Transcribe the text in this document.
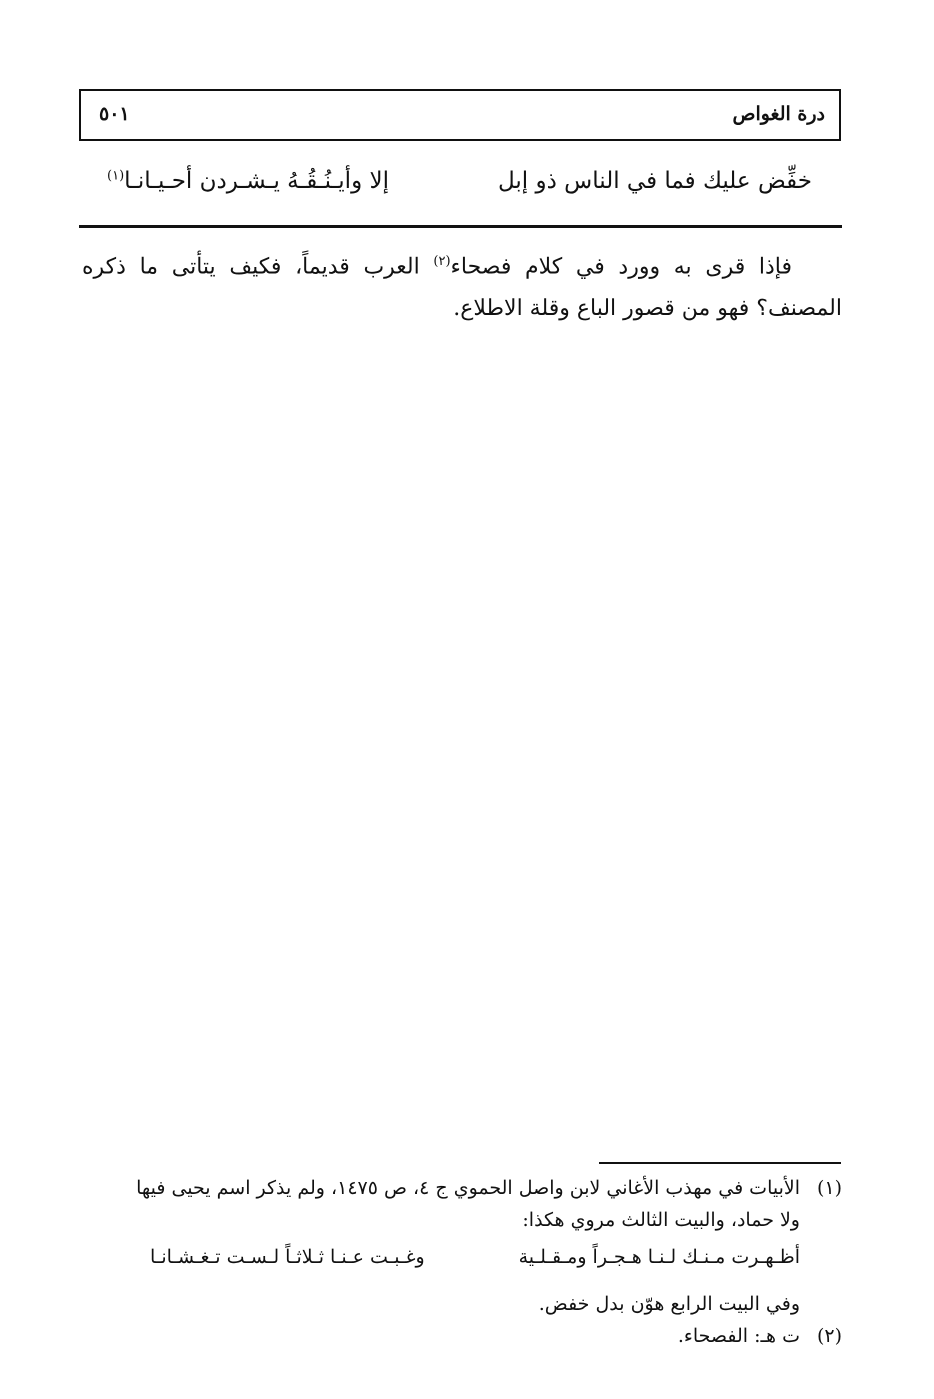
درة الغواص
٥٠١
خفِّض عليك فما في الناس ذو إبل
إلا وأيـنُـقُـهُ يـشـردن أحـيـانـا$^{(١)}$
فإذا قرى به وورد في كلام فصحاء$^{(٢)}$ العرب قديماً، فكيف يتأتى ما ذكره المصنف؟ فهو من قصور الباع وقلة الاطلاع.
(١)الأبيات في مهذب الأغاني لابن واصل الحموي ج ٤، ص ١٤٧٥، ولم يذكر اسم يحيى فيها
ولا حماد، والبيت الثالث مروي هكذا:
أظـهـرت مـنـك لـنـا هـجـراً ومـقـلـية
وغـبـت عـنـا ثـلاثـاً لـسـت تـغـشـانـا
وفي البيت الرابع هوّن بدل خفض.
(٢)ت هـ: الفصحاء.
